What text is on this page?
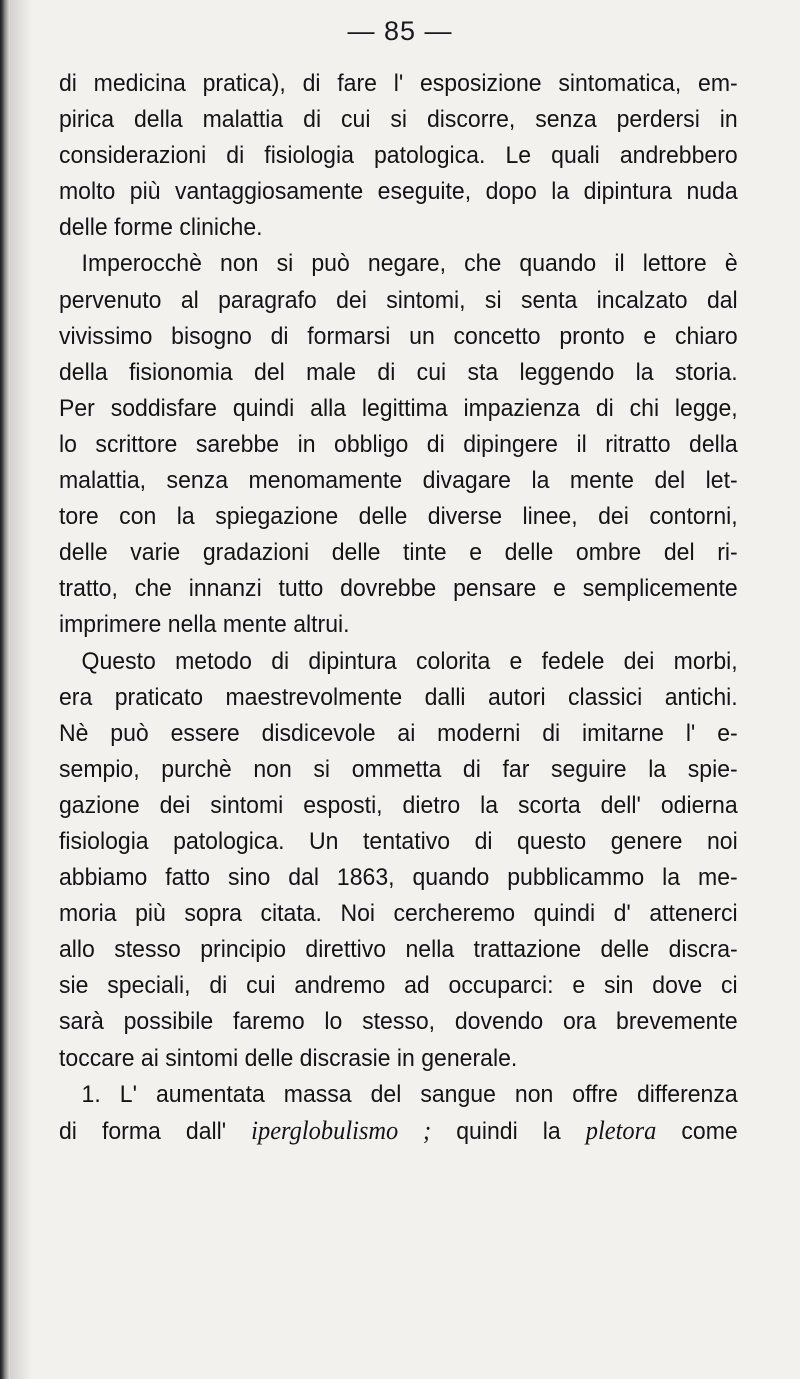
— 85 —
di medicina pratica), di fare l' esposizione sintomatica, em-
pirica della malattia di cui si discorre, senza perdersi in
considerazioni di fisiologia patologica. Le quali andrebbero
molto più vantaggiosamente eseguite, dopo la dipintura nuda
delle forme cliniche.
Imperocchè non si può negare, che quando il lettore è
pervenuto al paragrafo dei sintomi, si senta incalzato dal
vivissimo bisogno di formarsi un concetto pronto e chiaro
della fisionomia del male di cui sta leggendo la storia.
Per soddisfare quindi alla legittima impazienza di chi legge,
lo scrittore sarebbe in obbligo di dipingere il ritratto della
malattia, senza menomamente divagare la mente del let-
tore con la spiegazione delle diverse linee, dei contorni,
delle varie gradazioni delle tinte e delle ombre del ri-
tratto, che innanzi tutto dovrebbe pensare e semplicemente
imprimere nella mente altrui.
Questo metodo di dipintura colorita e fedele dei morbi,
era praticato maestrevolmente dalli autori classici antichi.
Nè può essere disdicevole ai moderni di imitarne l' e-
sempio, purchè non si ommetta di far seguire la spie-
gazione dei sintomi esposti, dietro la scorta dell' odierna
fisiologia patologica. Un tentativo di questo genere noi
abbiamo fatto sino dal 1863, quando pubblicammo la me-
moria più sopra citata. Noi cercheremo quindi d' attenerci
allo stesso principio direttivo nella trattazione delle discra-
sie speciali, di cui andremo ad occuparci: e sin dove ci
sarà possibile faremo lo stesso, dovendo ora brevemente
toccare ai sintomi delle discrasie in generale.
1. L' aumentata massa del sangue non offre differenza
di forma dall' iperglobulismo ; quindi la pletora come
